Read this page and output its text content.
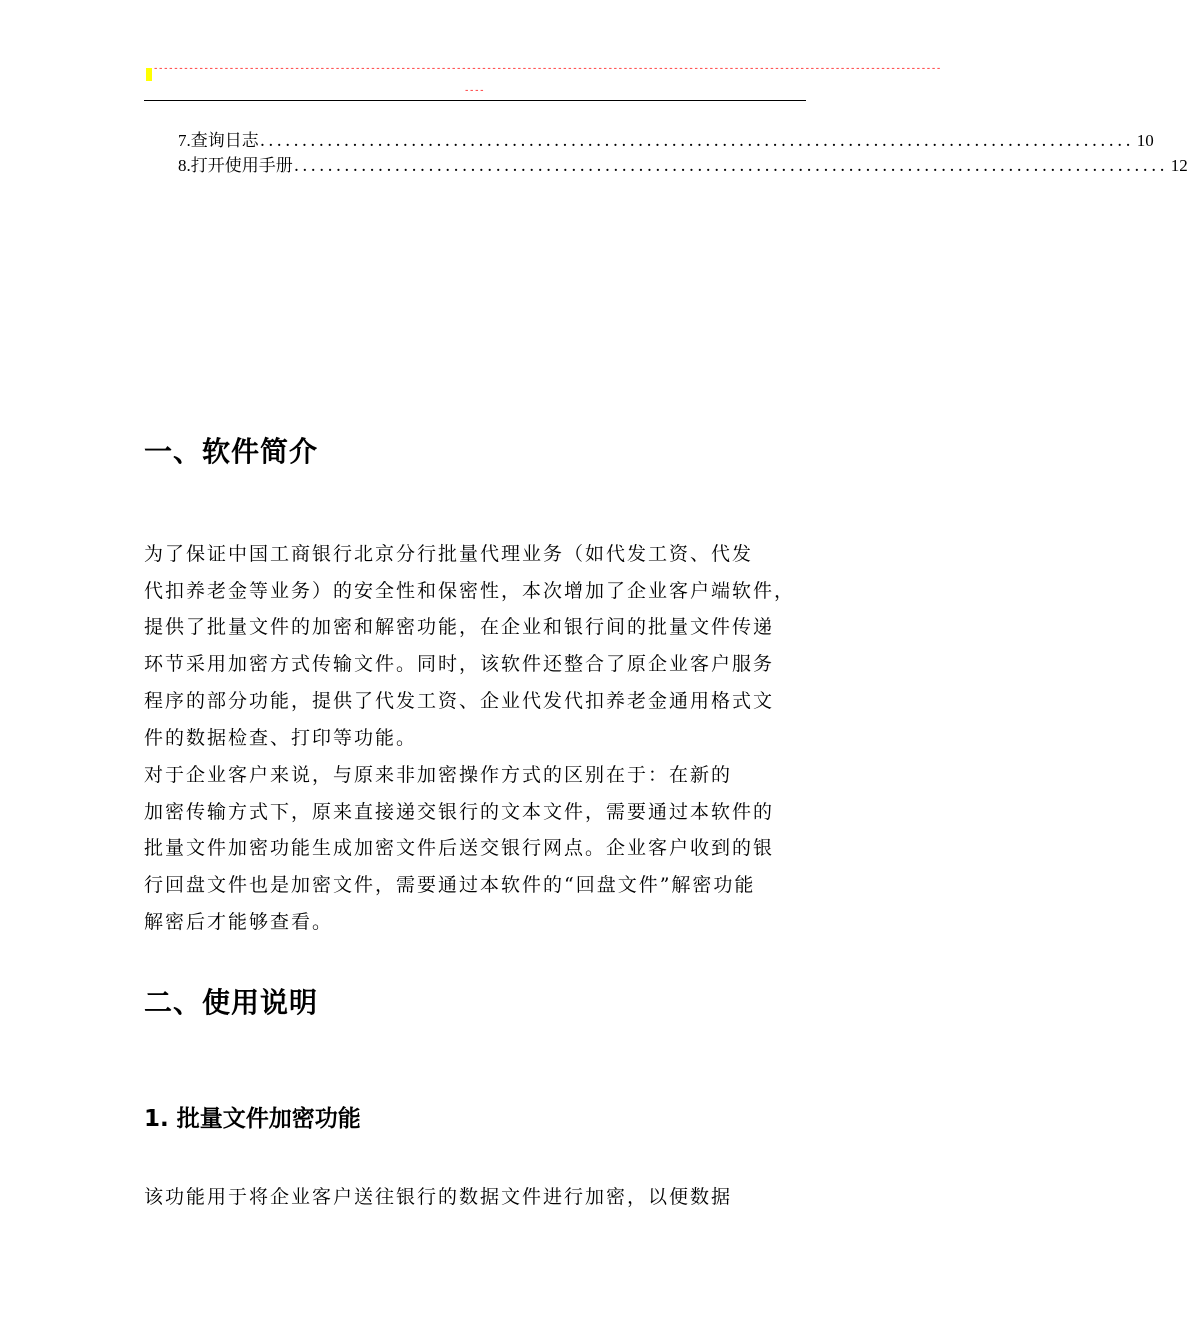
------------------------------------------------------------------------------------------------------------------------------------------------------------
----
7. 查询日志 ........................................................................................................ 10
8. 打开使用手册 ........................................................................................................ 12
一、软件简介
为了保证中国工商银行北京分行批量代理业务（如代发工资、代发
代扣养老金等业务）的安全性和保密性，本次增加了企业客户端软件，
提供了批量文件的加密和解密功能，在企业和银行间的批量文件传递
环节采用加密方式传输文件。同时，该软件还整合了原企业客户服务
程序的部分功能，提供了代发工资、企业代发代扣养老金通用格式文
件的数据检查、打印等功能。
对于企业客户来说，与原来非加密操作方式的区别在于：在新的
加密传输方式下，原来直接递交银行的文本文件，需要通过本软件的
批量文件加密功能生成加密文件后送交银行网点。企业客户收到的银
行回盘文件也是加密文件，需要通过本软件的“回盘文件”解密功能
解密后才能够查看。
二、使用说明
1. 批量文件加密功能
该功能用于将企业客户送往银行的数据文件进行加密，以便数据
